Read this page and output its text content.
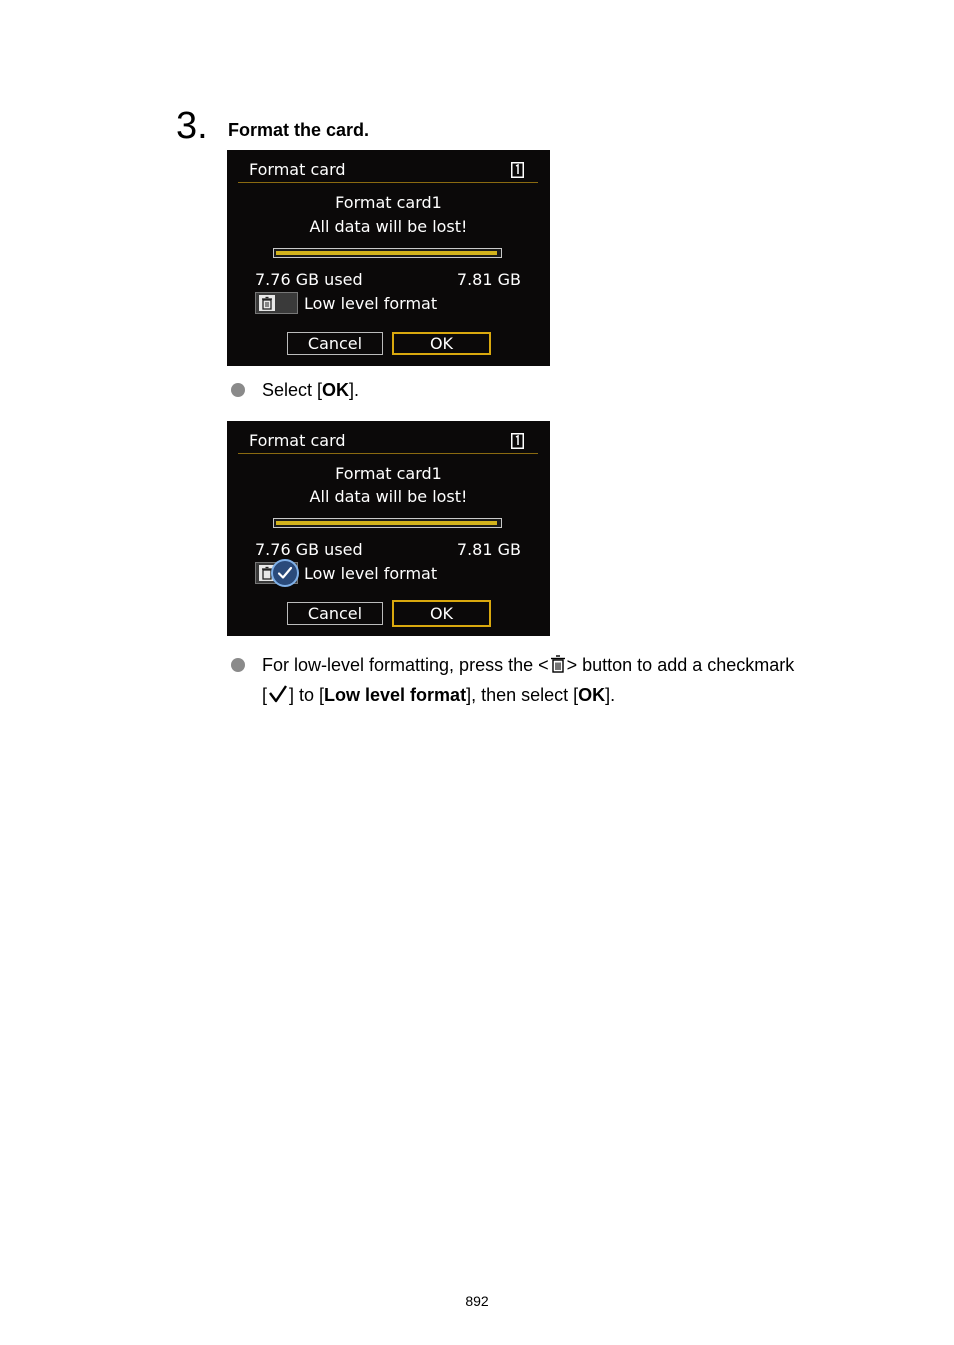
3. Format the card.
Format card
Format card1
All data will be lost!
7.76 GB used	7.81 GB
Low level format
Cancel	OK
Select [OK].
Format card
Format card1
All data will be lost!
7.76 GB used	7.81 GB
Low level format
Cancel	OK
For low-level formatting, press the < > button to add a checkmark
[ ] to [Low level format], then select [OK].
892
